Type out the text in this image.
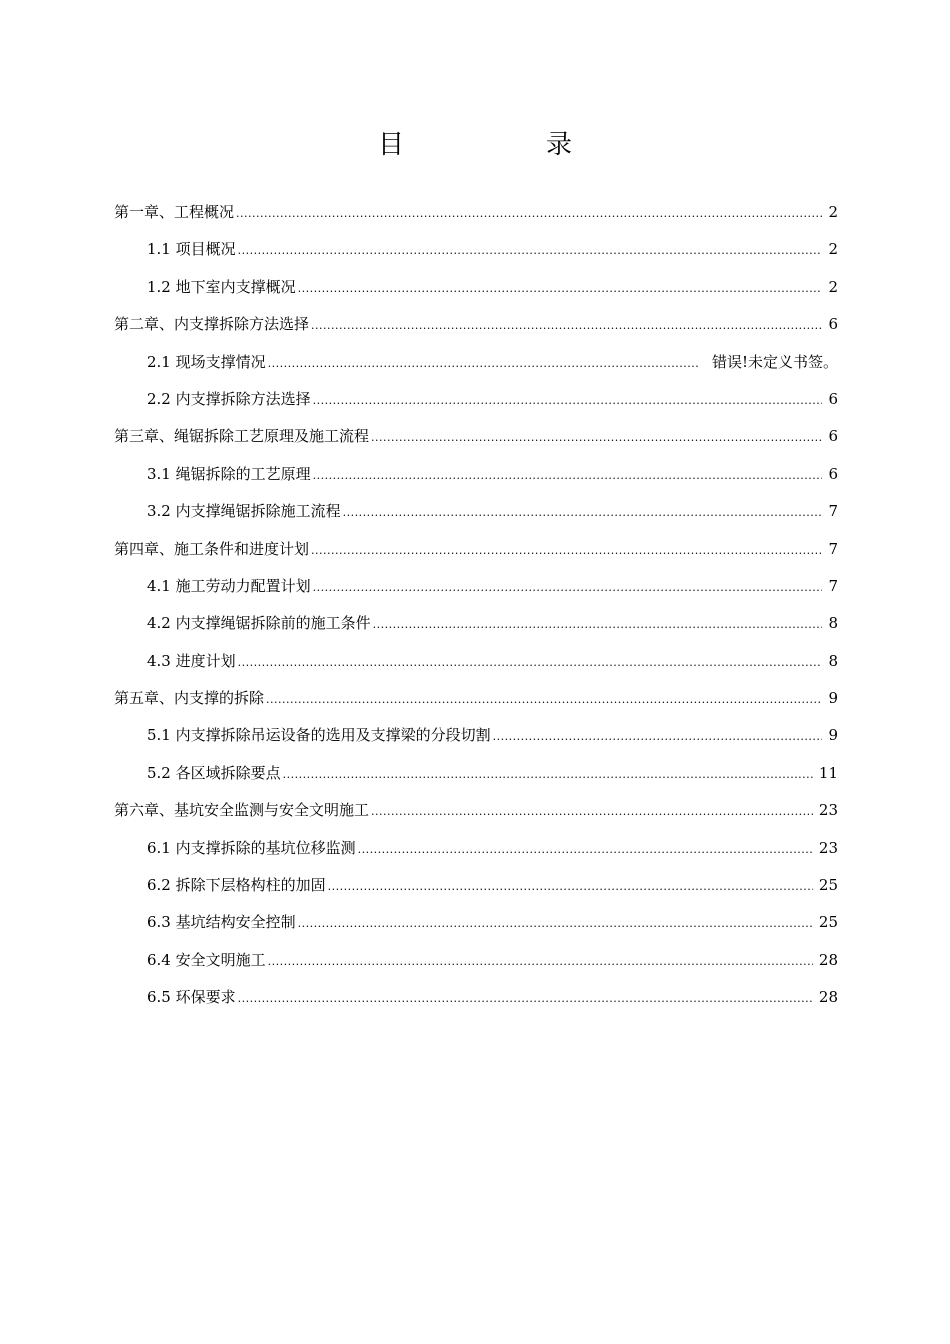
目　录
第一章、工程概况 .....	2
1.1 项目概况 .....	2
1.2 地下室内支撑概况 .....	2
第二章、内支撑拆除方法选择 .....	6
2.1 现场支撑情况 .....	错误!未定义书签。
2.2 内支撑拆除方法选择 .....	6
第三章、绳锯拆除工艺原理及施工流程 .....	6
3.1 绳锯拆除的工艺原理 .....	6
3.2 内支撑绳锯拆除施工流程 .....	7
第四章、施工条件和进度计划 .....	7
4.1 施工劳动力配置计划 .....	7
4.2 内支撑绳锯拆除前的施工条件 .....	8
4.3 进度计划 .....	8
第五章、内支撑的拆除 .....	9
5.1 内支撑拆除吊运设备的选用及支撑梁的分段切割 .....	9
5.2 各区域拆除要点 .....	11
第六章、基坑安全监测与安全文明施工 .....	23
6.1 内支撑拆除的基坑位移监测 .....	23
6.2 拆除下层格构柱的加固 .....	25
6.3 基坑结构安全控制 .....	25
6.4 安全文明施工 .....	28
6.5 环保要求 .....	28
